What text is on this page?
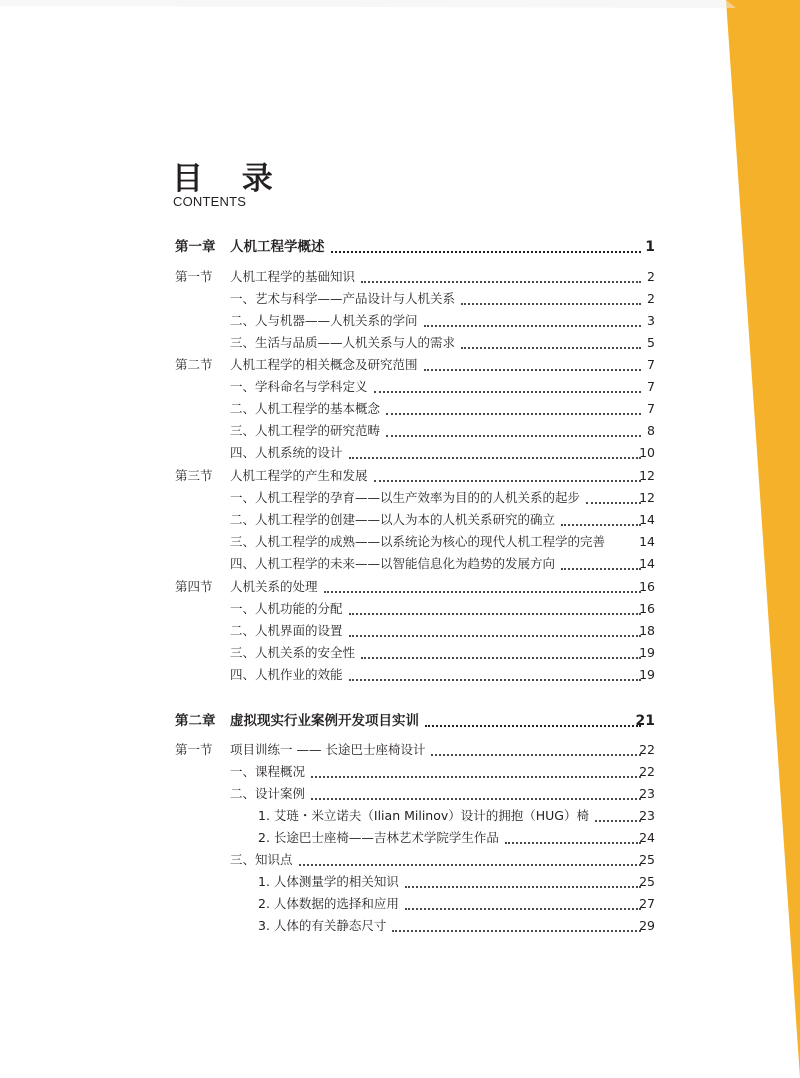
目 录
CONTENTS
第一章 人机工程学概述	1
第一节 人机工程学的基础知识	2
一、艺术与科学——产品设计与人机关系	2
二、人与机器——人机关系的学问	3
三、生活与品质——人机关系与人的需求	5
第二节 人机工程学的相关概念及研究范围	7
一、学科命名与学科定义	7
二、人机工程学的基本概念	7
三、人机工程学的研究范畴	8
四、人机系统的设计	10
第三节 人机工程学的产生和发展	12
一、人机工程学的孕育——以生产效率为目的的人机关系的起步	12
二、人机工程学的创建——以人为本的人机关系研究的确立	14
三、人机工程学的成熟——以系统论为核心的现代人机工程学的完善	14
四、人机工程学的未来——以智能信息化为趋势的发展方向	14
第四节 人机关系的处理	16
一、人机功能的分配	16
二、人机界面的设置	18
三、人机关系的安全性	19
四、人机作业的效能	19
第二章 虚拟现实行业案例开发项目实训	21
第一节 项目训练一 —— 长途巴士座椅设计	22
一、课程概况	22
二、设计案例	23
1. 艾琏・米立诺夫（Ilian Milinov）设计的拥抱（HUG）椅	23
2. 长途巴士座椅——吉林艺术学院学生作品	24
三、知识点	25
1. 人体测量学的相关知识	25
2. 人体数据的选择和应用	27
3. 人体的有关静态尺寸	29
